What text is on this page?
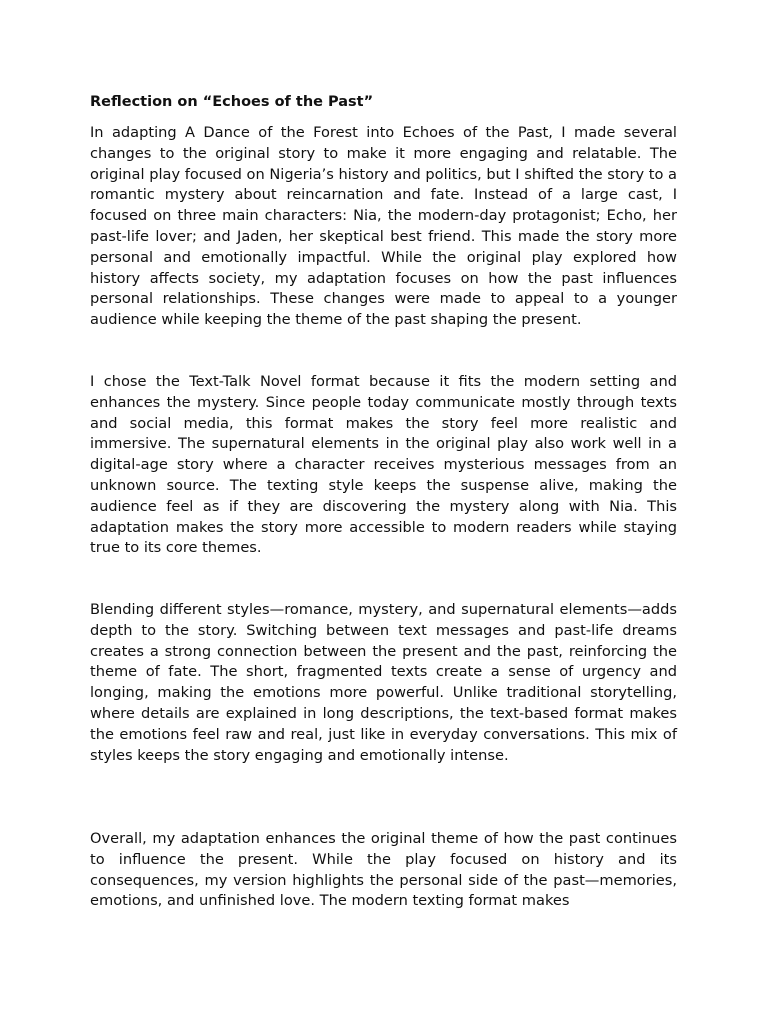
Reflection on “Echoes of the Past”

In adapting A Dance of the Forest into Echoes of the Past, I made several changes to the original story to make it more engaging and relatable. The original play focused on Nigeria’s history and politics, but I shifted the story to a romantic mystery about reincarnation and fate. Instead of a large cast, I focused on three main characters: Nia, the modern-day protagonist; Echo, her past-life lover; and Jaden, her skeptical best friend. This made the story more personal and emotionally impactful. While the original play explored how history affects society, my adaptation focuses on how the past influences personal relationships. These changes were made to appeal to a younger audience while keeping the theme of the past shaping the present.

I chose the Text-Talk Novel format because it fits the modern setting and enhances the mystery. Since people today communicate mostly through texts and social media, this format makes the story feel more realistic and immersive. The supernatural elements in the original play also work well in a digital-age story where a character receives mysterious messages from an unknown source. The texting style keeps the suspense alive, making the audience feel as if they are discovering the mystery along with Nia. This adaptation makes the story more accessible to modern readers while staying true to its core themes.

Blending different styles—romance, mystery, and supernatural elements—adds depth to the story. Switching between text messages and past-life dreams creates a strong connection between the present and the past, reinforcing the theme of fate. The short, fragmented texts create a sense of urgency and longing, making the emotions more powerful. Unlike traditional storytelling, where details are explained in long descriptions, the text-based format makes the emotions feel raw and real, just like in everyday conversations. This mix of styles keeps the story engaging and emotionally intense.

Overall, my adaptation enhances the original theme of how the past continues to influence the present. While the play focused on history and its consequences, my version highlights the personal side of the past—memories, emotions, and unfinished love. The modern texting format makes
